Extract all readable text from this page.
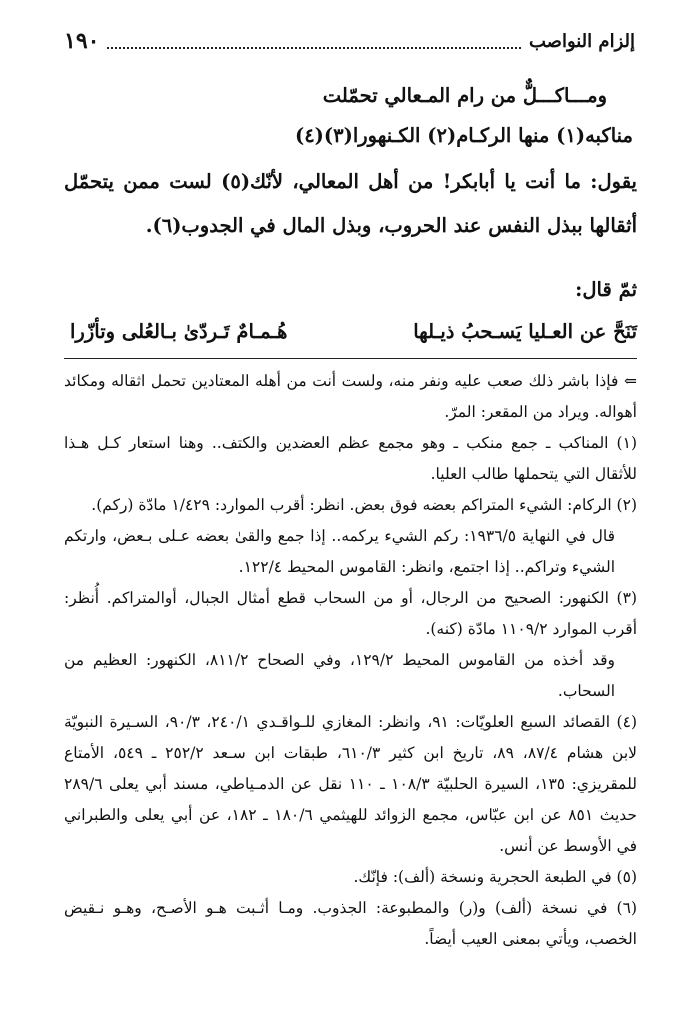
إلزام النواصب
١٩٠
ومـــاكـــلٌّ من رام المـعالي تحمّلت
مناكبه(١) منها الركـام(٢) الكـنهورا(٣)(٤)

يقول: ما أنت يا أبابكر! من أهل المعالي، لأنّك(٥) لست ممن يتحمّل أثقالها ببذل النفس عند الحروب، وبذل المال في الجدوب(٦).

ثمّ قال:
تَنَحَّ عن العـليا يَسـحبُ ذيـلها
هُـمـامٌ تَـردّىٰ بـالعُلى وتأزّرا

⇐ فإذا باشر ذلك صعب عليه ونفر منه، ولست أنت من أهله المعتادين تحمل اثقاله ومكائد أهواله. ويراد من المقعر: المرّ.

(١) المناكب ـ جمع منكب ـ وهو مجمع عظم العضدين والكتف.. وهنا استعار كـل هـذا للأثقال التي يتحملها طالب العليا.

(٢) الركام: الشيء المتراكم بعضه فوق بعض. انظر: أقرب الموارد: ١/٤٢٩ مادّة (ركم).

قال في النهاية ١٩٣٦/٥: ركم الشيء يركمه.. إذا جمع والقىٰ بعضه عـلى بـعض، وارتكم الشيء وتراكم.. إذا اجتمع، وانظر: القاموس المحيط ١٢٢/٤.

(٣) الكنهور: الصحيح من الرجال، أو من السحاب قطع أمثال الجبال، أوالمتراكم. أُنظر: أقرب الموارد ١١٠٩/٢ مادّة (كنه).

وقد أخذه من القاموس المحيط ١٢٩/٢، وفي الصحاح ٨١١/٢، الكنهور: العظيم من السحاب.

(٤) القصائد السبع العلويّات: ٩١، وانظر: المغازي للـواقـدي ٢٤٠/١، ٩٠/٣، السـيرة النبويّة لابن هشام ٨٧/٤، ٨٩، تاريخ ابن كثير ٦١٠/٣، طبقات ابن سـعد ٢٥٢/٢ ـ ٥٤٩، الأمتاع للمقريزي: ١٣٥، السيرة الحلبيّة ١٠٨/٣ ـ ١١٠ نقل عن الدمـياطي، مسند أبي يعلى ٢٨٩/٦ حديث ٨٥١ عن ابن عبّاس، مجمع الزوائد للهيثمي ١٨٠/٦ ـ ١٨٢، عن أبي يعلى والطبراني في الأوسط عن أنس.

(٥) في الطبعة الحجرية ونسخة (ألف): فإنّك.

(٦) في نسخة (ألف) و(ر) والمطبوعة: الجذوب. ومـا أثـبت هـو الأصـح، وهـو نـقيض الخصب، ويأتي بمعنى العيب أيضاً.
